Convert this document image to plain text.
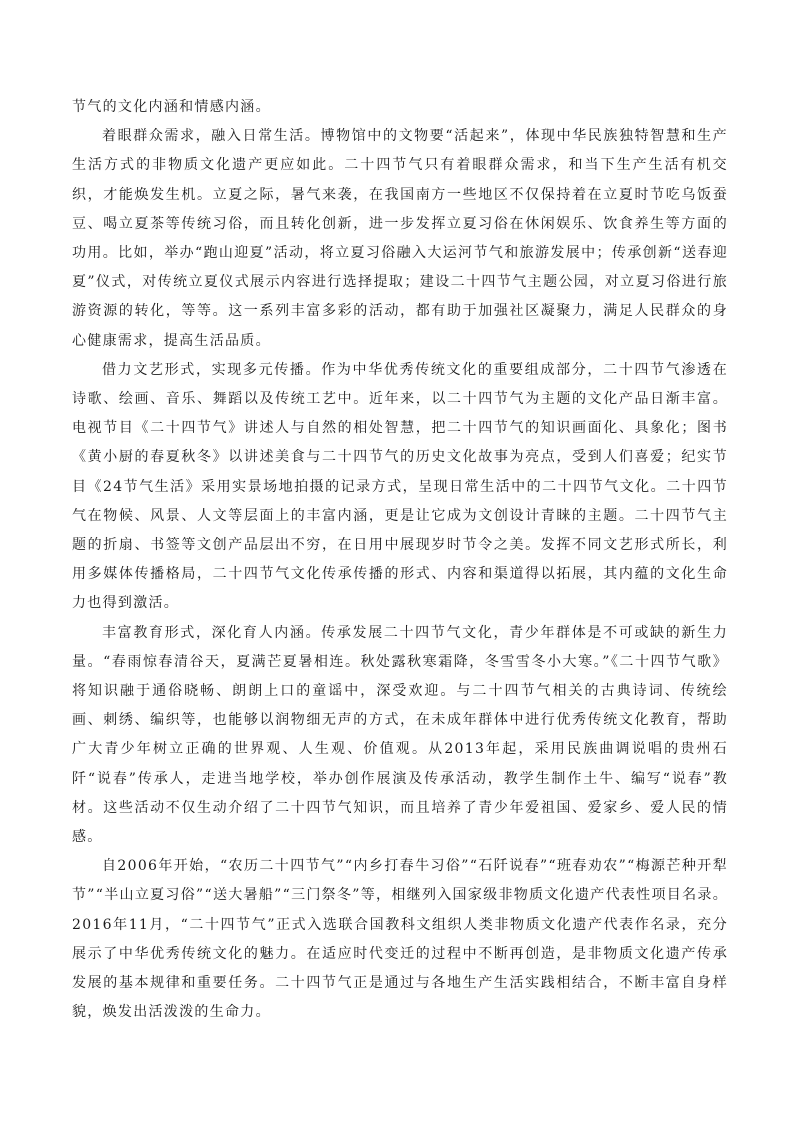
节气的文化内涵和情感内涵。

着眼群众需求，融入日常生活。博物馆中的文物要“活起来”，体现中华民族独特智慧和生产生活方式的非物质文化遗产更应如此。二十四节气只有着眼群众需求，和当下生产生活有机交织，才能焕发生机。立夏之际，暑气来袭，在我国南方一些地区不仅保持着在立夏时节吃乌饭蚕豆、喝立夏茶等传统习俗，而且转化创新，进一步发挥立夏习俗在休闲娱乐、饮食养生等方面的功用。比如，举办“跑山迎夏”活动，将立夏习俗融入大运河节气和旅游发展中；传承创新“送春迎夏”仪式，对传统立夏仪式展示内容进行选择提取；建设二十四节气主题公园，对立夏习俗进行旅游资源的转化，等等。这一系列丰富多彩的活动，都有助于加强社区凝聚力，满足人民群众的身心健康需求，提高生活品质。

借力文艺形式，实现多元传播。作为中华优秀传统文化的重要组成部分，二十四节气渗透在诗歌、绘画、音乐、舞蹈以及传统工艺中。近年来，以二十四节气为主题的文化产品日渐丰富。电视节目《二十四节气》讲述人与自然的相处智慧，把二十四节气的知识画面化、具象化；图书《黄小厨的春夏秋冬》以讲述美食与二十四节气的历史文化故事为亮点，受到人们喜爱；纪实节目《24节气生活》采用实景场地拍摄的记录方式，呈现日常生活中的二十四节气文化。二十四节气在物候、风景、人文等层面上的丰富内涵，更是让它成为文创设计青睐的主题。二十四节气主题的折扇、书签等文创产品层出不穷，在日用中展现岁时节令之美。发挥不同文艺形式所长，利用多媒体传播格局，二十四节气文化传承传播的形式、内容和渠道得以拓展，其内蕴的文化生命力也得到激活。

丰富教育形式，深化育人内涵。传承发展二十四节气文化，青少年群体是不可或缺的新生力量。“春雨惊春清谷天，夏满芒夏暑相连。秋处露秋寒霜降，冬雪雪冬小大寒。”《二十四节气歌》将知识融于通俗晓畅、朗朗上口的童谣中，深受欢迎。与二十四节气相关的古典诗词、传统绘画、刺绣、编织等，也能够以润物细无声的方式，在未成年群体中进行优秀传统文化教育，帮助广大青少年树立正确的世界观、人生观、价值观。从2013年起，采用民族曲调说唱的贵州石阡“说春”传承人，走进当地学校，举办创作展演及传承活动，教学生制作土牛、编写“说春”教材。这些活动不仅生动介绍了二十四节气知识，而且培养了青少年爱祖国、爱家乡、爱人民的情感。

自2006年开始，“农历二十四节气”“内乡打春牛习俗”“石阡说春”“班春劝农”“梅源芒种开犁节”“半山立夏习俗”“送大暑船”“三门祭冬”等，相继列入国家级非物质文化遗产代表性项目名录。2016年11月，“二十四节气”正式入选联合国教科文组织人类非物质文化遗产代表作名录，充分展示了中华优秀传统文化的魅力。在适应时代变迁的过程中不断再创造，是非物质文化遗产传承发展的基本规律和重要任务。二十四节气正是通过与各地生产生活实践相结合，不断丰富自身样貌，焕发出活泼泼的生命力。
